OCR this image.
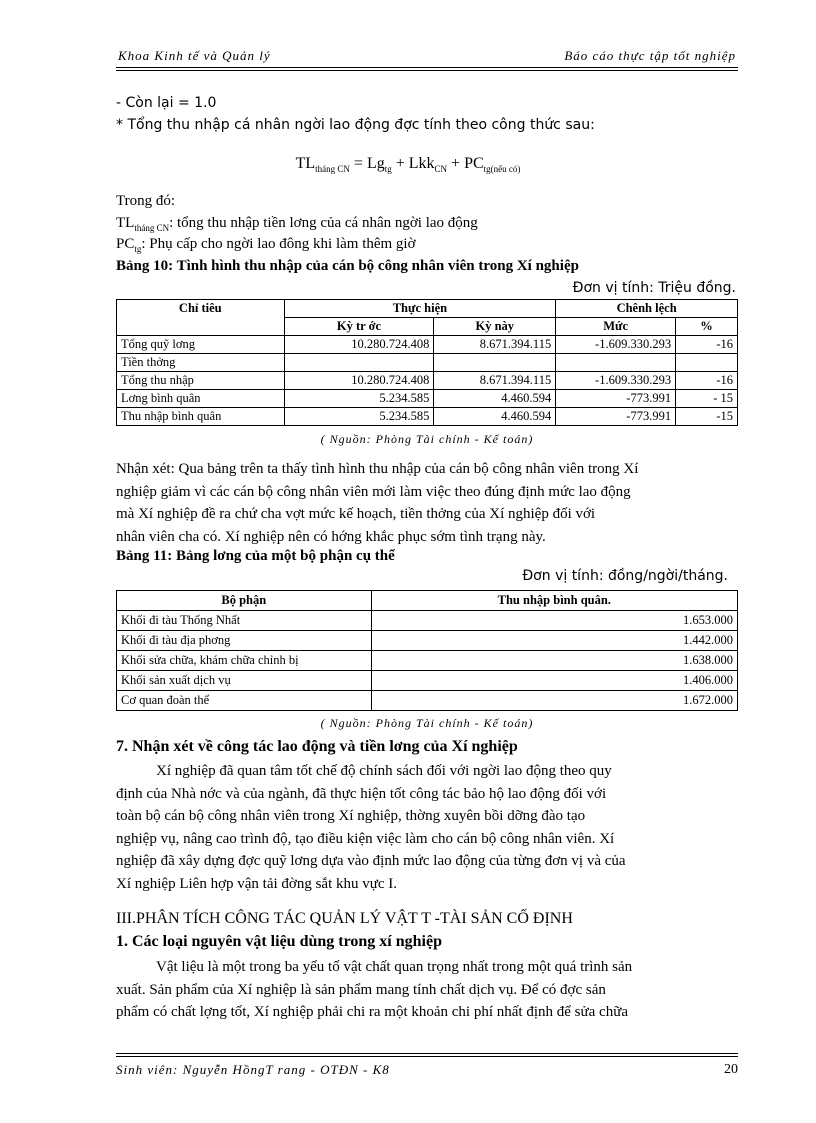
Khoa Kinh tế và Quản lý	Báo cáo thực tập tốt nghiệp
- Còn lại = 1.0
* Tổng thu nhập cá nhân ngời lao động đợc tính theo công thức sau:
$TL_{tháng CN} = Lg_{tg} + Lkk_{CN} + PC_{tg(nếu có)}$
Trong đó:
$TL_{tháng CN}$: tổng thu nhập tiền lơng của cá nhân ngời lao động
$PC_{tg}$: Phụ cấp cho ngời lao đông khi làm thêm giờ
Bảng 10: Tình hình thu nhập của cán bộ công nhân viên trong Xí nghiệp
Đơn vị tính: Triệu đồng.
Chỉ tiêu	Thực hiện		Chênh lệch	
	Kỳ tr ớc	Kỳ này	Mức	%
Tổng quỹ lơng	10.280.724.408	8.671.394.115	-1.609.330.293	-16
Tiền thởng				
Tổng thu nhập	10.280.724.408	8.671.394.115	-1.609.330.293	-16
Lơng bình quân	5.234.585	4.460.594	-773.991	- 15
Thu nhập bình quân	5.234.585	4.460.594	-773.991	-15
( Nguồn: Phòng Tài chính - Kế toán)
Nhận xét: Qua bảng trên ta thấy tình hình thu nhập của cán bộ công nhân viên trong Xí
nghiệp giảm vì các cán bộ công nhân viên mới làm việc theo đúng định mức lao động
mà Xí nghiệp đề ra chứ cha vợt mức kế hoạch, tiền thởng của Xí nghiệp đối với
nhân viên cha có. Xí nghiệp nên có hớng khắc phục sớm tình trạng này.
Bảng 11: Bảng lơng của một bộ phận cụ thể
Đơn vị tính: đồng/ngời/tháng.
Bộ phận	Thu nhập bình quân.
Khối đi tàu Thống Nhất	1.653.000
Khối đi tàu địa phơng	1.442.000
Khối sửa chữa, khám chữa chỉnh bị	1.638.000
Khối sản xuất dịch vụ	1.406.000
Cơ quan đoàn thể	1.672.000
( Nguồn: Phòng Tài chính - Kế toán)
7. Nhận xét về công tác lao động và tiền lơng của Xí nghiệp
Xí nghiệp đã quan tâm tốt chế độ chính sách đối với ngời lao động theo quy
định của Nhà nớc và của ngành, đã thực hiện tốt công tác bảo hộ lao động đối với
toàn bộ cán bộ công nhân viên trong Xí nghiệp, thờng xuyên bồi dỡng đào tạo
nghiệp vụ, nâng cao trình độ, tạo điều kiện việc làm cho cán bộ công nhân viên. Xí
nghiệp đã xây dựng đợc quỹ lơng dựa vào định mức lao động của từng đơn vị và của
Xí nghiệp Liên hợp vận tải đờng sắt khu vực I.
III.PHÂN TÍCH CÔNG TÁC QUẢN LÝ VẬT T -TÀI SẢN CỐ ĐỊNH
1. Các loại nguyên vật liệu dùng trong xí nghiệp
Vật liệu là một trong ba yếu tố vật chất quan trọng nhất trong một quá trình sản
xuất. Sản phẩm của Xí nghiệp là sản phẩm mang tính chất dịch vụ. Để có đợc sản
phẩm có chất lợng tốt, Xí nghiệp phải chi ra một khoản chi phí nhất định để sửa chữa
Sinh viên: Nguyễn HồngT rang - OTĐN - K8	20
